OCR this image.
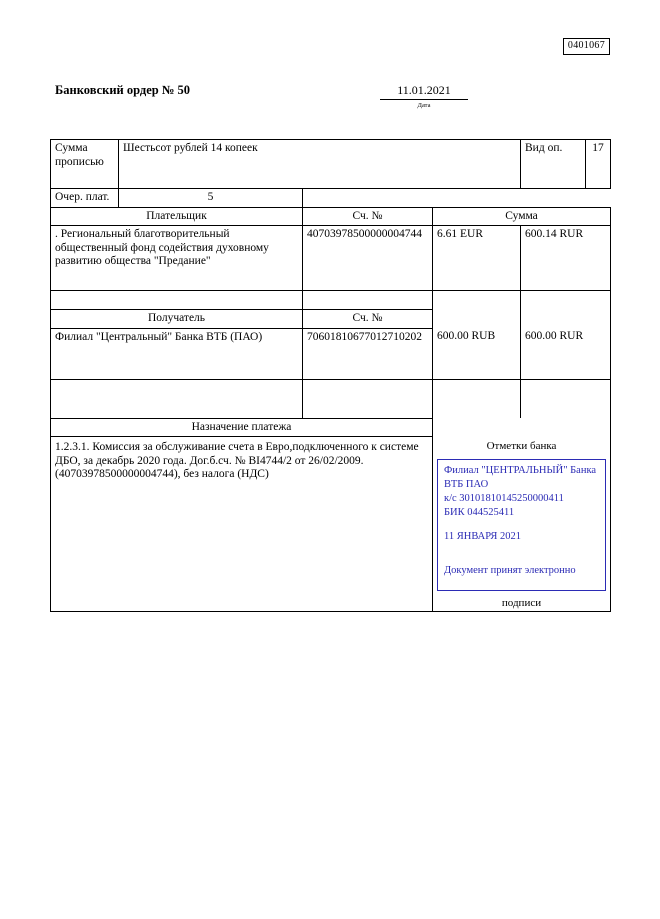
0401067
Банковский ордер № 50	11.01.2021
Дата
Сумма
прописью	Шестьсот рублей 14 копеек			Вид оп.	17
Очер. плат.	5				
Плательщик		Сч. №	Сумма		
. Региональный благотворительный общественный фонд содействия духовному развитию общества "Предание"		40703978500000004744	6.61 EUR	600.14 RUR	

Получатель		Сч. №			
Филиал "Центральный" Банка ВТБ (ПАО)		70601810677012710202	600.00 RUB	600.00 RUR	

Назначение платежа					
1.2.3.1. Комиссия за обслуживание счета в Евро,подключенного к системе ДБО, за декабрь 2020 года. Дог.б.сч. № ВІ4744/2 от 26/02/2009.(40703978500000004744), без налога (НДС)	
Отметки банка
Филиал "ЦЕНТРАЛЬНЫЙ" Банка
ВТБ ПАО
к/с 30101810145250000411
БИК 044525411
11 ЯНВАРЯ 2021
Документ принят электронно
подписи
